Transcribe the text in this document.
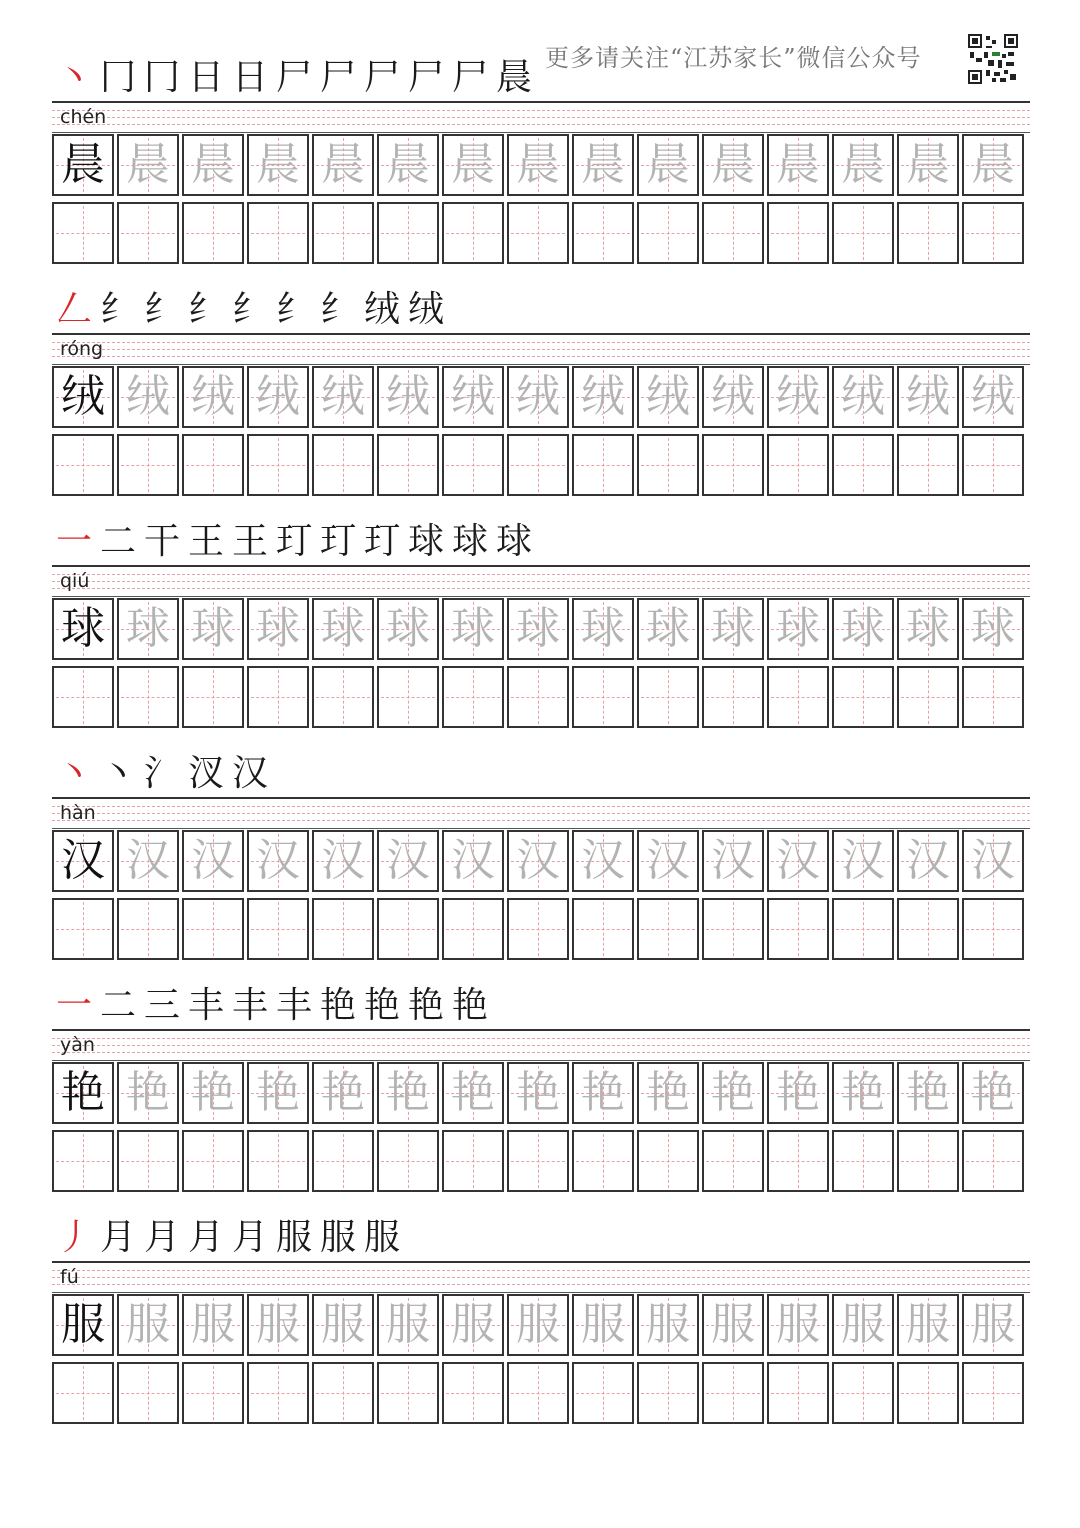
更多请关注“江苏家长”微信公众号
丶 冂 冂 日 日 尸 尸 尸 尸 尸 晨
chén
晨 晨 晨 晨 晨 晨 晨 晨 晨 晨 晨 晨 晨 晨 晨
𠃋 纟 纟 纟 纟 纟 纟 绒 绒
róng
绒 绒 绒 绒 绒 绒 绒 绒 绒 绒 绒 绒 绒 绒 绒
一 二 干 王 王 玎 玎 玎 球 球 球
qiú
球 球 球 球 球 球 球 球 球 球 球 球 球 球 球
丶 丶 氵 汊 汉
hàn
汉 汉 汉 汉 汉 汉 汉 汉 汉 汉 汉 汉 汉 汉 汉
一 二 三 丰 丰 丰 艳 艳 艳 艳
yàn
艳 艳 艳 艳 艳 艳 艳 艳 艳 艳 艳 艳 艳 艳 艳
丿 月 月 月 月 服 服 服
fú
服 服 服 服 服 服 服 服 服 服 服 服 服 服 服
